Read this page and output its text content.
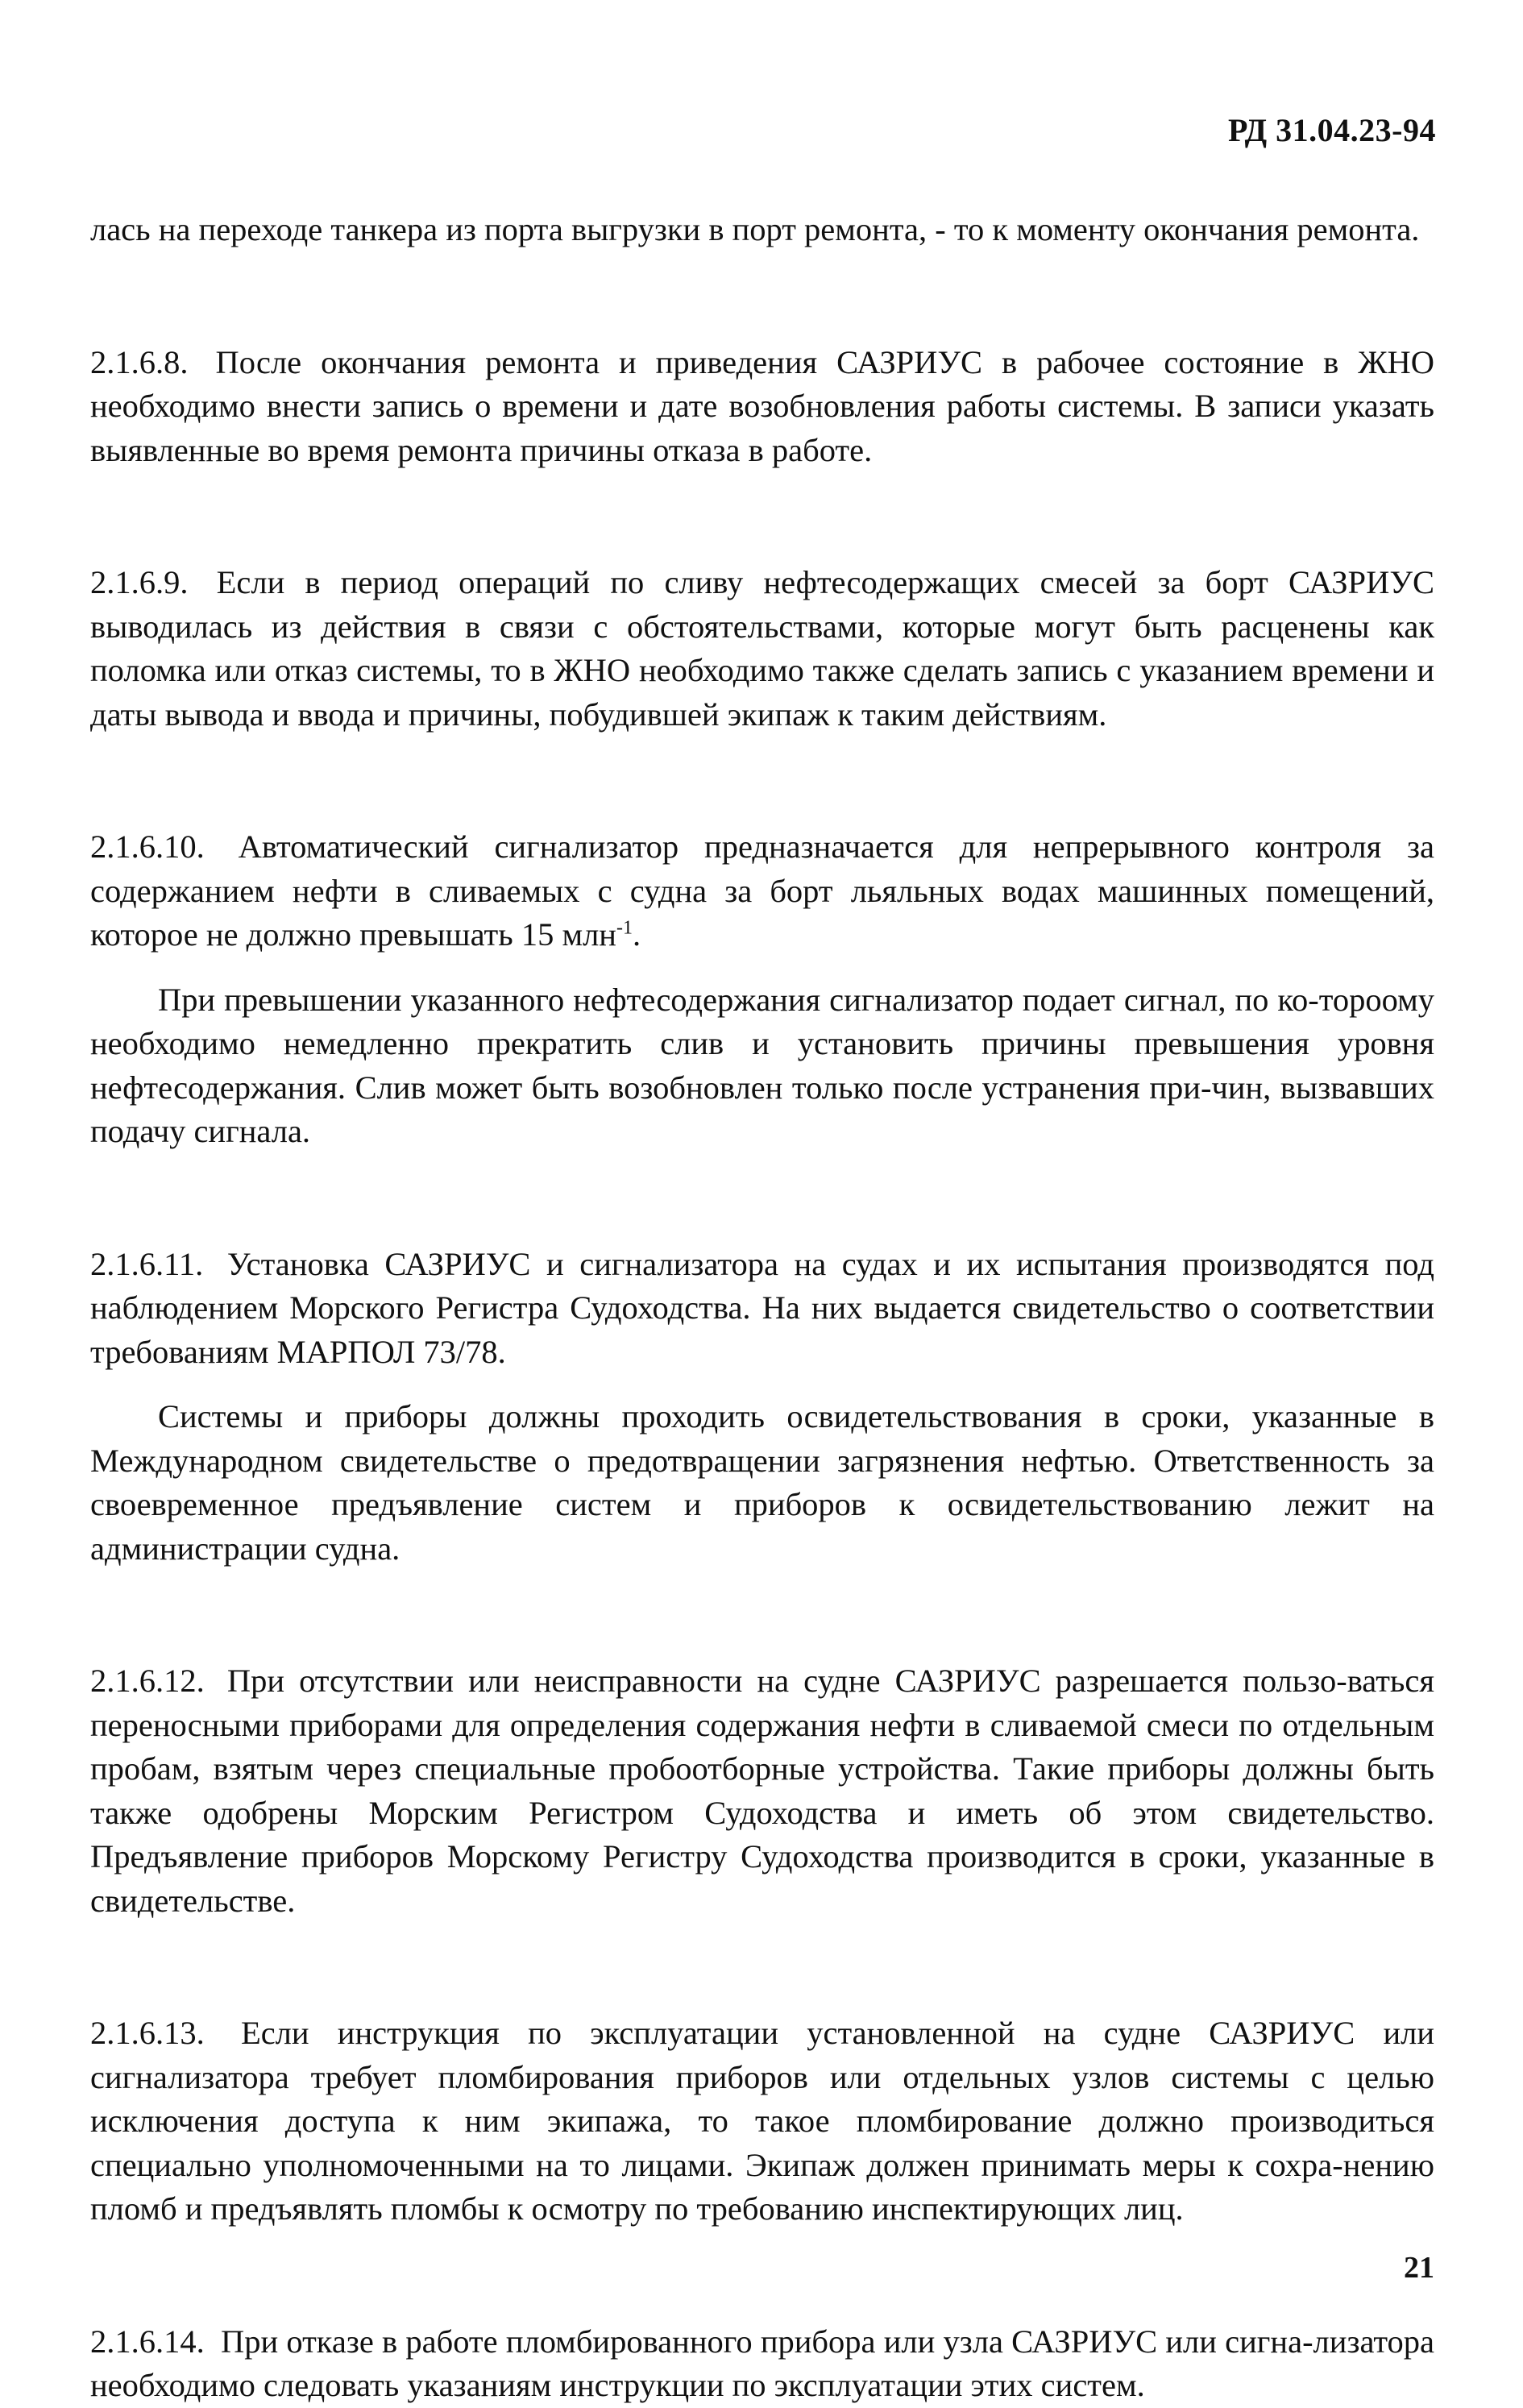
РД 31.04.23-94

лась на переходе танкера из порта выгрузки в порт ремонта, - то к моменту окончания ремонта.

2.1.6.8. После окончания ремонта и приведения САЗРИУС в рабочее состояние в ЖНО необходимо внести запись о времени и дате возобновления работы системы. В записи указать выявленные во время ремонта причины отказа в работе.

2.1.6.9. Если в период операций по сливу нефтесодержащих смесей за борт САЗРИУС выводилась из действия в связи с обстоятельствами, которые могут быть расценены как поломка или отказ системы, то в ЖНО необходимо также сделать запись с указанием времени и даты вывода и ввода и причины, побудившей экипаж к таким действиям.

2.1.6.10. Автоматический сигнализатор предназначается для непрерывного контроля за содержанием нефти в сливаемых с судна за борт льяльных водах машинных помещений, которое не должно превышать 15 млн$^{-1}$.

При превышении указанного нефтесодержания сигнализатор подает сигнал, по ко-тороому необходимо немедленно прекратить слив и установить причины превышения уровня нефтесодержания. Слив может быть возобновлен только после устранения при-чин, вызвавших подачу сигнала.

2.1.6.11. Установка САЗРИУС и сигнализатора на судах и их испытания производятся под наблюдением Морского Регистра Судоходства. На них выдается свидетельство о соответствии требованиям МАРПОЛ 73/78.

Системы и приборы должны проходить освидетельствования в сроки, указанные в Международном свидетельстве о предотвращении загрязнения нефтью. Ответственность за своевременное предъявление систем и приборов к освидетельствованию лежит на администрации судна.

2.1.6.12. При отсутствии или неисправности на судне САЗРИУС разрешается пользо-ваться переносными приборами для определения содержания нефти в сливаемой смеси по отдельным пробам, взятым через специальные пробоотборные устройства. Такие приборы должны быть также одобрены Морским Регистром Судоходства и иметь об этом свидетельство. Предъявление приборов Морскому Регистру Судоходства производится в сроки, указанные в свидетельстве.

2.1.6.13. Если инструкция по эксплуатации установленной на судне САЗРИУС или сигнализатора требует пломбирования приборов или отдельных узлов системы с целью исключения доступа к ним экипажа, то такое пломбирование должно производиться специально уполномоченными на то лицами. Экипаж должен принимать меры к сохра-нению пломб и предъявлять пломбы к осмотру по требованию инспектирующих лиц.

2.1.6.14. При отказе в работе пломбированного прибора или узла САЗРИУС или сигна-лизатора необходимо следовать указаниям инструкции по эксплуатации этих систем.

21
